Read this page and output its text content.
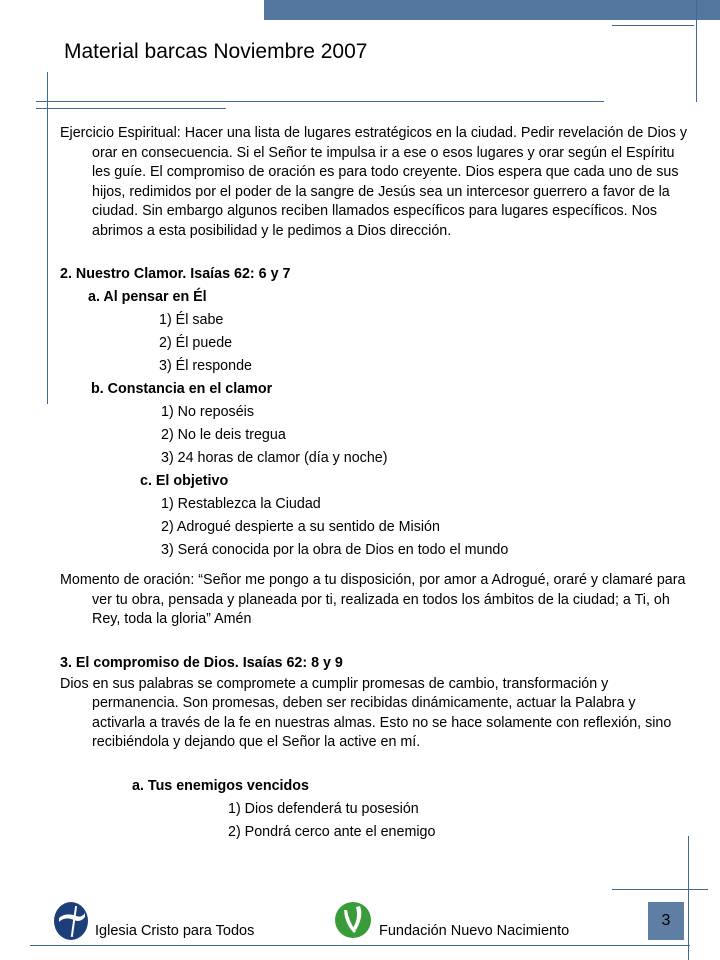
Material barcas Noviembre 2007

Ejercicio Espiritual: Hacer una lista de lugares estratégicos en la ciudad. Pedir revelación de Dios y orar en consecuencia. Si el Señor te impulsa ir a ese o esos lugares y orar según el Espíritu les guíe. El compromiso de oración es para todo creyente. Dios espera que cada uno de sus hijos, redimidos por el poder de la sangre de Jesús sea un intercesor guerrero a favor de la ciudad. Sin embargo algunos reciben llamados específicos para lugares específicos. Nos abrimos a esta posibilidad y le pedimos a Dios dirección.

2. Nuestro Clamor. Isaías 62: 6 y 7

a. Al pensar en Él

1) Él sabe

2) Él puede

3) Él responde

b. Constancia en el clamor

1) No reposéis

2) No le deis tregua

3) 24 horas de clamor (día y noche)

c. El objetivo

1) Restablezca la Ciudad

2) Adrogué despierte a su sentido de Misión

3) Será conocida por la obra de Dios en todo el mundo

Momento de oración: “Señor me pongo a tu disposición, por amor a Adrogué, oraré y clamaré para ver tu obra, pensada y planeada por ti, realizada en todos los ámbitos de la ciudad; a Ti, oh Rey, toda la gloria” Amén

3. El compromiso de Dios. Isaías 62: 8 y 9

Dios en sus palabras se compromete a cumplir promesas de cambio, transformación y permanencia. Son promesas, deben ser recibidas dinámicamente, actuar la Palabra y activarla a través de la fe en nuestras almas. Esto no se hace solamente con reflexión, sino recibiéndola y dejando que el Señor la active en mí.

a. Tus enemigos vencidos

1) Dios defenderá tu posesión

2) Pondrá cerco ante el enemigo

Iglesia Cristo para Todos	Fundación Nuevo Nacimiento
3
